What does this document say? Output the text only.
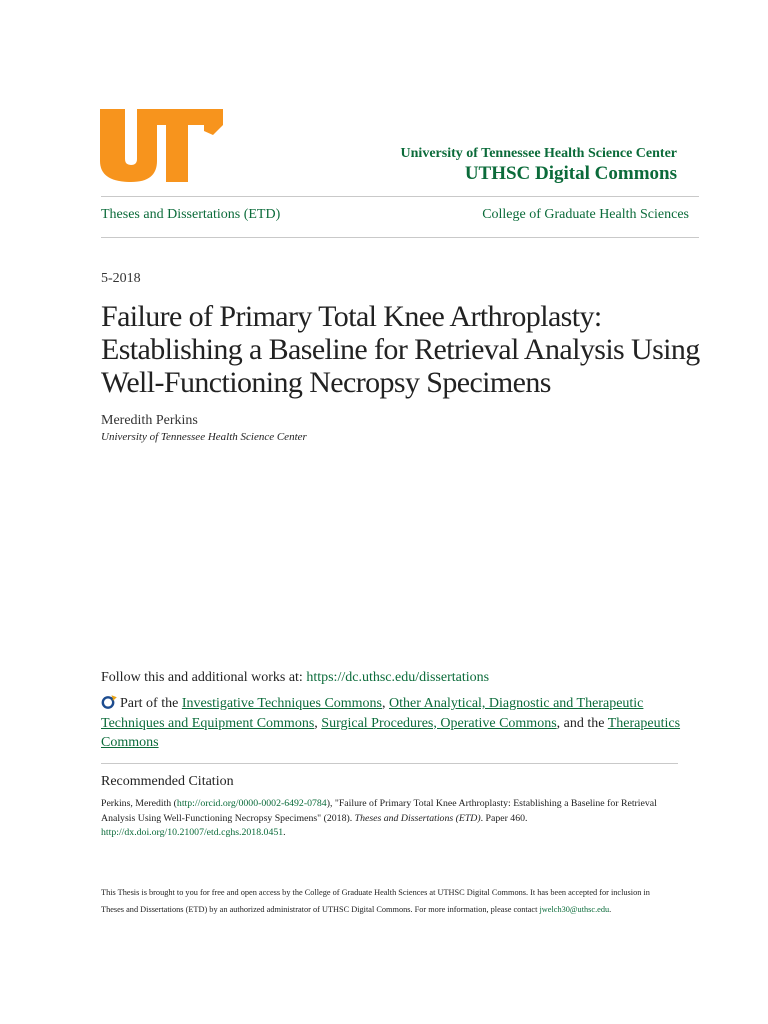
University of Tennessee Health Science Center
UTHSC Digital Commons
Theses and Dissertations (ETD)	College of Graduate Health Sciences
5-2018
Failure of Primary Total Knee Arthroplasty: Establishing a Baseline for Retrieval Analysis Using Well-Functioning Necropsy Specimens
Meredith Perkins
University of Tennessee Health Science Center
Follow this and additional works at: https://dc.uthsc.edu/dissertations
Part of the Investigative Techniques Commons, Other Analytical, Diagnostic and Therapeutic Techniques and Equipment Commons, Surgical Procedures, Operative Commons, and the Therapeutics Commons
Recommended Citation
Perkins, Meredith (http://orcid.org/0000-0002-6492-0784), "Failure of Primary Total Knee Arthroplasty: Establishing a Baseline for Retrieval Analysis Using Well-Functioning Necropsy Specimens" (2018). Theses and Dissertations (ETD). Paper 460.
http://dx.doi.org/10.21007/etd.cghs.2018.0451.
This Thesis is brought to you for free and open access by the College of Graduate Health Sciences at UTHSC Digital Commons. It has been accepted for inclusion in Theses and Dissertations (ETD) by an authorized administrator of UTHSC Digital Commons. For more information, please contact jwelch30@uthsc.edu.
